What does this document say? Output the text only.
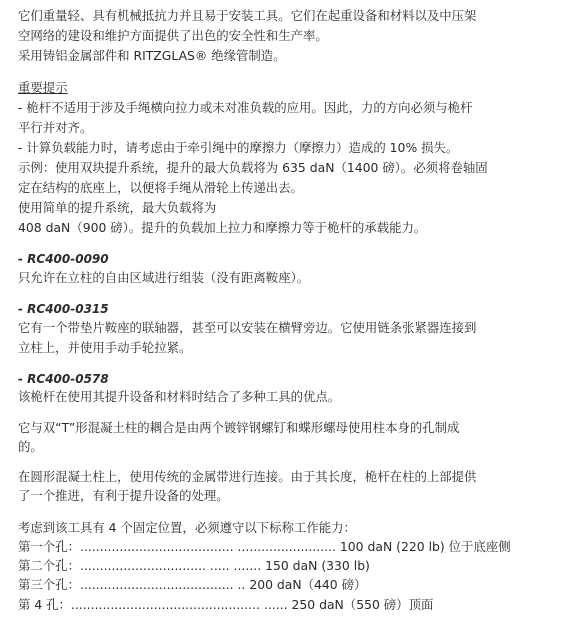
它们重量轻、具有机械抵抗力并且易于安装工具。它们在起重设备和材料以及中压架
空网络的建设和维护方面提供了出色的安全性和生产率。
采用铸铝金属部件和 RITZGLAS® 绝缘管制造。
重要提示
- 桅杆不适用于涉及手绳横向拉力或未对准负载的应用。因此，力的方向必须与桅杆
平行并对齐。
- 计算负载能力时，请考虑由于牵引绳中的摩擦力（摩擦力）造成的 10% 损失。
示例：使用双块提升系统，提升的最大负载将为 635 daN（1400 磅）。必须将卷轴固
定在结构的底座上，以便将手绳从滑轮上传递出去。
使用简单的提升系统，最大负载将为
408 daN（900 磅）。提升的负载加上拉力和摩擦力等于桅杆的承载能力。
- RC400-0090
只允许在立柱的自由区域进行组装（没有距离鞍座）。
- RC400-0315
它有一个带垫片鞍座的联轴器，甚至可以安装在横臂旁边。它使用链条张紧器连接到
立柱上，并使用手动手轮拉紧。
- RC400-0578
该桅杆在使用其提升设备和材料时结合了多种工具的优点。
它与双“T”形混凝土柱的耦合是由两个镀锌钢螺钉和蝶形螺母使用柱本身的孔制成
的。
在圆形混凝土柱上，使用传统的金属带进行连接。由于其长度，桅杆在柱的上部提供
了一个推进，有利于提升设备的处理。
考虑到该工具有 4 个固定位置，必须遵守以下标称工作能力：
第一个孔：....................................... ......................... 100 daN (220 lb) 位于底座侧
第二个孔：................................ ..... ....... 150 daN (330 lb)
第三个孔：....................................... .. 200 daN（440 磅）
第 4 孔：................................................ ...... 250 daN（550 磅）顶面
